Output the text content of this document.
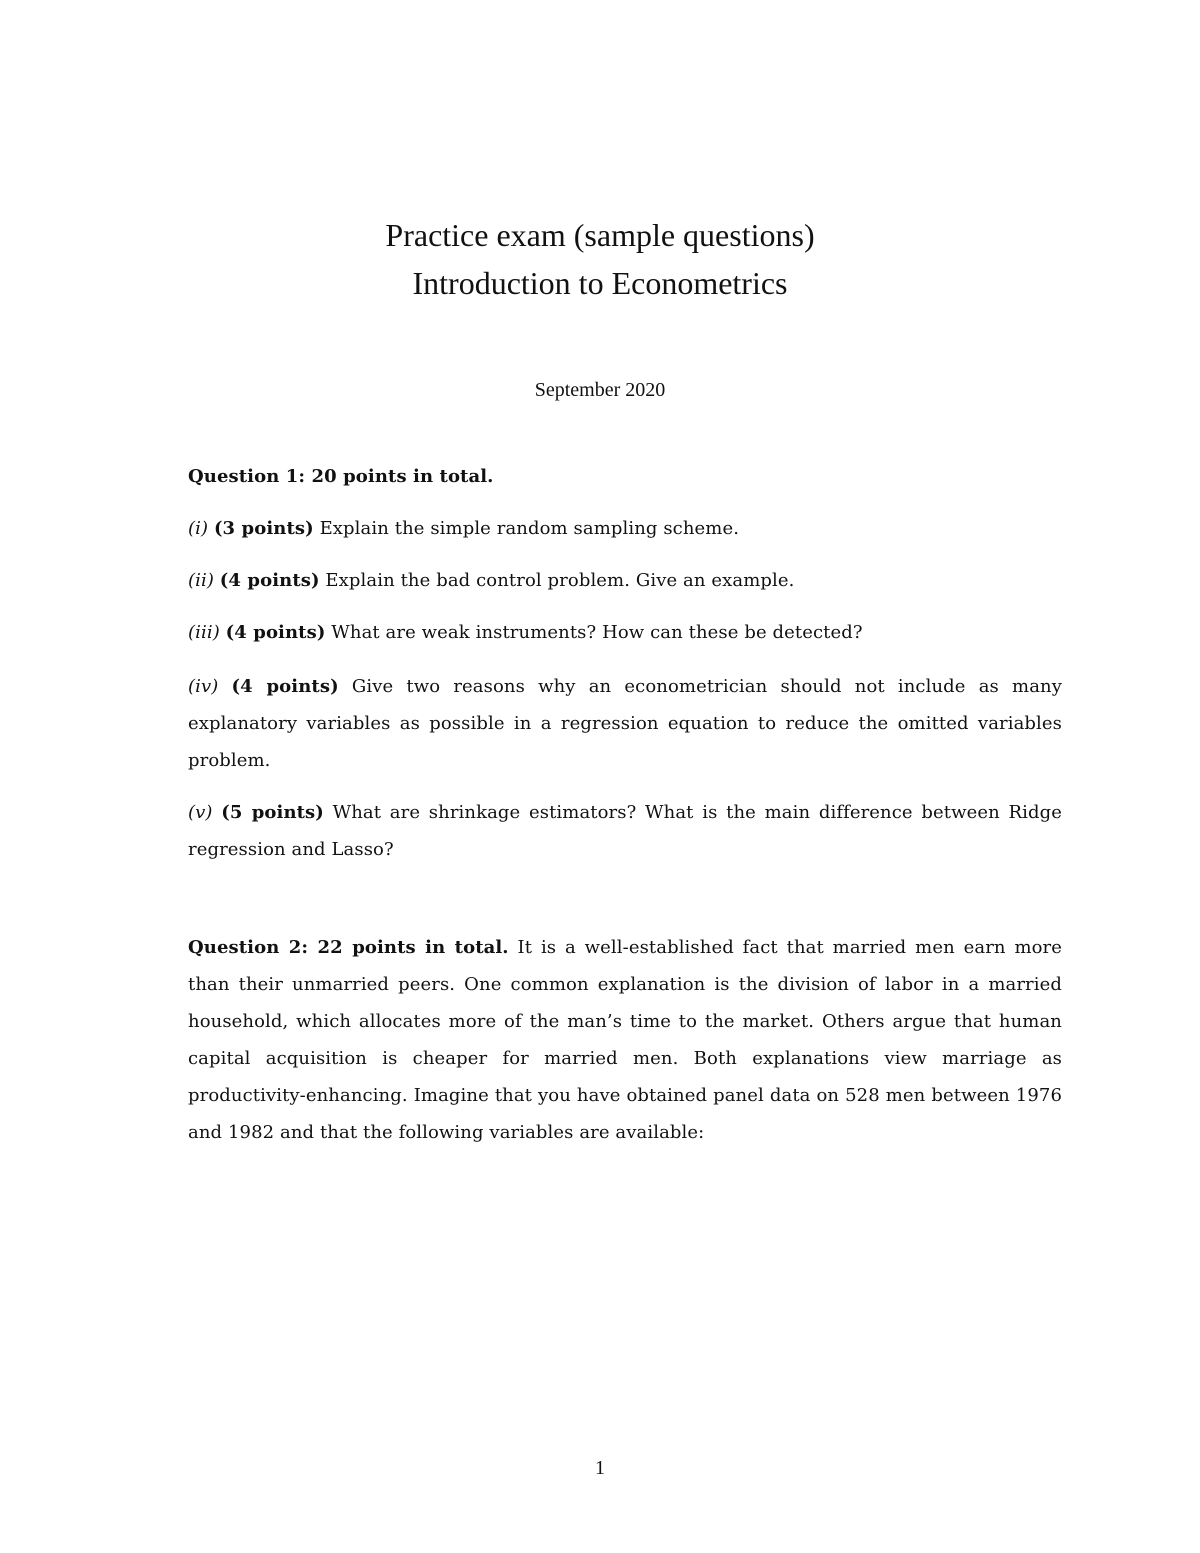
Practice exam (sample questions)
Introduction to Econometrics
September 2020
Question 1: 20 points in total.
(i) (3 points) Explain the simple random sampling scheme.
(ii) (4 points) Explain the bad control problem. Give an example.
(iii) (4 points) What are weak instruments? How can these be detected?
(iv) (4 points) Give two reasons why an econometrician should not include as many explanatory variables as possible in a regression equation to reduce the omitted variables problem.
(v) (5 points) What are shrinkage estimators? What is the main difference between Ridge regression and Lasso?
Question 2: 22 points in total. It is a well-established fact that married men earn more than their unmarried peers. One common explanation is the division of labor in a married household, which allocates more of the man’s time to the market. Others argue that human capital acquisition is cheaper for married men. Both explanations view marriage as productivity-enhancing. Imagine that you have obtained panel data on 528 men between 1976 and 1982 and that the following variables are available:
1
